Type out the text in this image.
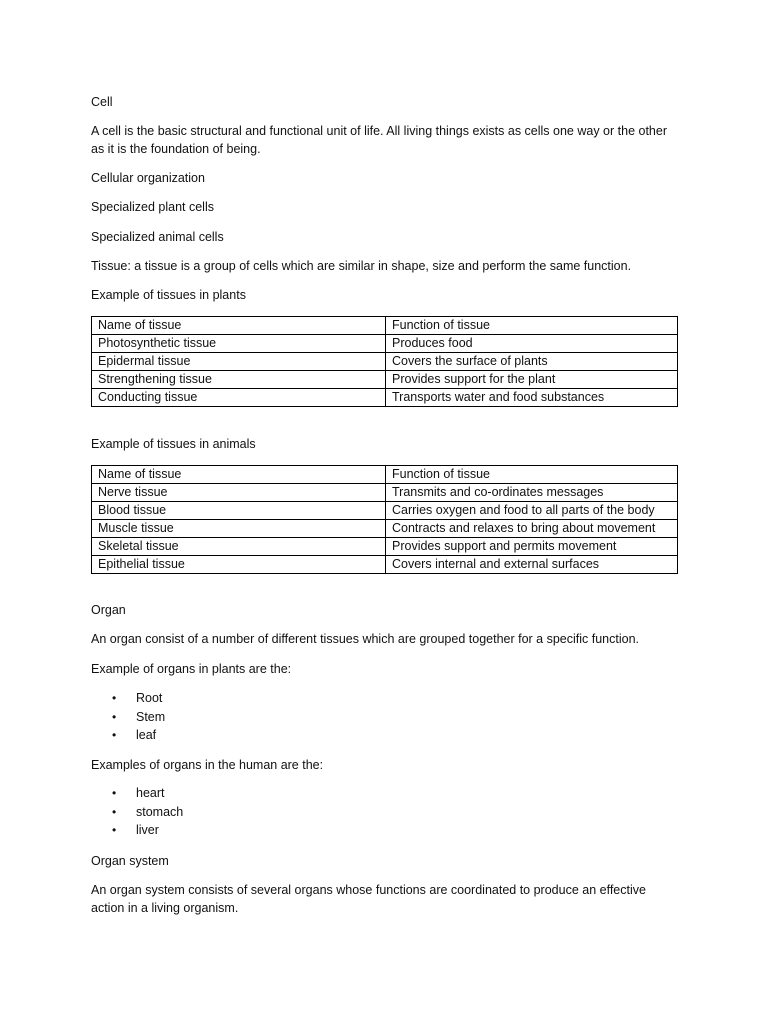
Cell

A cell is the basic structural and functional unit of life. All living things exists as cells one way or the other as it is the foundation of being.

Cellular organization

Specialized plant cells

Specialized animal cells

Tissue: a tissue is a group of cells which are similar in shape, size and perform the same function.

Example of tissues in plants

Name of tissue	Function of tissue
Photosynthetic tissue	Produces food
Epidermal tissue	Covers the surface of plants
Strengthening tissue	Provides support for the plant
Conducting tissue	Transports water and food substances

Example of tissues in animals

Name of tissue	Function of tissue
Nerve tissue	Transmits and co-ordinates messages
Blood tissue	Carries oxygen and food to all parts of the body
Muscle tissue	Contracts and relaxes to bring about movement
Skeletal tissue	Provides support and permits movement
Epithelial tissue	Covers internal and external surfaces

Organ

An organ consist of a number of different tissues which are grouped together for a specific function.

Example of organs in plants are the:

• Root
• Stem
• leaf

Examples of organs in the human are the:

• heart
• stomach
• liver

Organ system

An organ system consists of several organs whose functions are coordinated to produce an effective action in a living organism.
